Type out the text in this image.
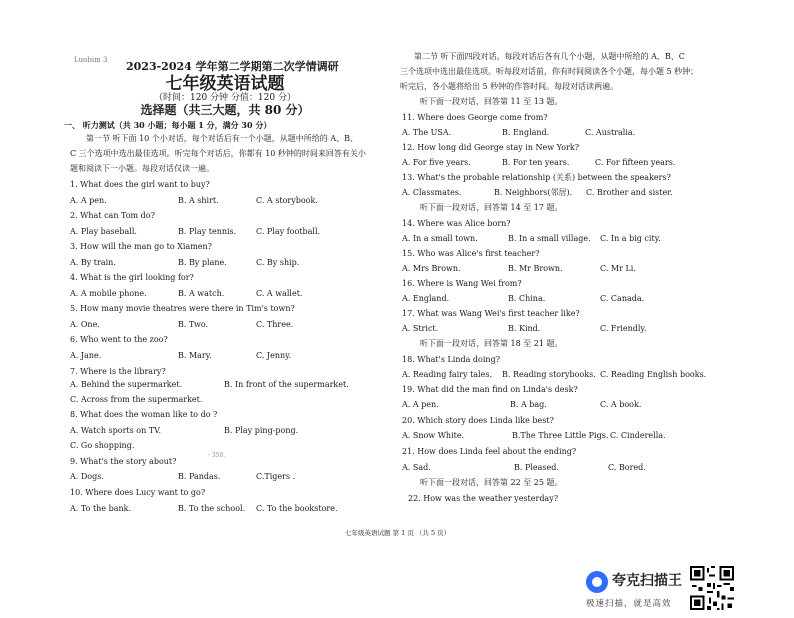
Luobim 3 2023-2024 学年第二学期第二次学情调研
七年级英语试题
（时间：120 分钟 分值：120 分）
选择题（共三大题，共 80 分）
一、 听力测试（共 30 小题；每小题 1 分，满分 30 分）
第一节 听下面 10 个小对话，每个对话后有一个小题，从题中所给的 A、B、
C 三个选项中选出最佳选项。听完每个对话后，你都有 10 秒钟的时间来回答有关小
题和阅读下一小题。每段对话仅读一遍。
1. What does the girl want to buy?
A. A pen.	B. A shirt.	C. A storybook.
2. What can Tom do?
A. Play baseball.	B. Play tennis. C. Play football.
3. How will the man go to Xiamen?
A. By train.	B. By plane.	C. By ship.
4. What is the girl looking for?
A. A mobile phone.	B. A watch.	C. A wallet.
5. How many movie theatres were there in Tim's town?
A. One.	B. Two.	C. Three.
6. Who went to the zoo?
A. Jane.	B. Mary.	C. Jenny.
7. Where is the library?
A. Behind the supermarket.	B. In front of the supermarket.
C. Across from the supermarket.
8. What does the woman like to do ?
A. Watch sports on TV.	B. Play ping-pong.
C. Go shopping.
· 350.
9. What's the story about?
A. Dogs.	B. Pandas.	C.Tigers .
10. Where does Lucy want to go?
A. To the bank.	B. To the school. C. To the bookstore.
第二节 听下面四段对话。每段对话后各有几个小题，从题中所给的 A、B、C
三个选项中选出最佳选项。听每段对话前，你有时间阅读各个小题，每小题 5 秒钟；
听完后，各小题将给出 5 秒钟的作答时间。每段对话读两遍。
听下面一段对话，回答第 11 至 13 题。
11. Where does George come from?
A. The USA.	B. England.	C. Australia.
12. How long did George stay in New York?
A. For five years.	B. For ten years.	C. For fifteen years.
13. What's the probable relationship (关系) between the speakers?
A. Classmates.	B. Neighbors(邻居). C. Brother and sister.
听下面一段对话，回答第 14 至 17 题。
14. Where was Alice born?
A. In a small town.	B. In a small village. C. In a big city.
15. Who was Alice's first teacher?
A. Mrs Brown.	B. Mr Brown.	C. Mr Li.
16. Where is Wang Wei from?
A. England.	B. China.	C. Canada.
17. What was Wang Wei's first teacher like?
A. Strict.	B. Kind.	C. Friendly.
听下面一段对话，回答第 18 至 21 题。
18. What's Linda doing?
A. Reading fairy tales. B. Reading storybooks. C. Reading English books.
19. What did the man find on Linda's desk?
A. A pen.	B. A bag.	C. A book.
20. Which story does Linda like best?
A. Snow White.	B.The Three Little Pigs. C. Cinderella.
21. How does Linda feel about the ending?
A. Sad.	B. Pleased.	C. Bored.
听下面一段对话，回答第 22 至 25 题。
22. How was the weather yesterday?
七年级英语试题 第 1 页 （共 5 页）
夸克扫描王
极速扫描，就是高效
